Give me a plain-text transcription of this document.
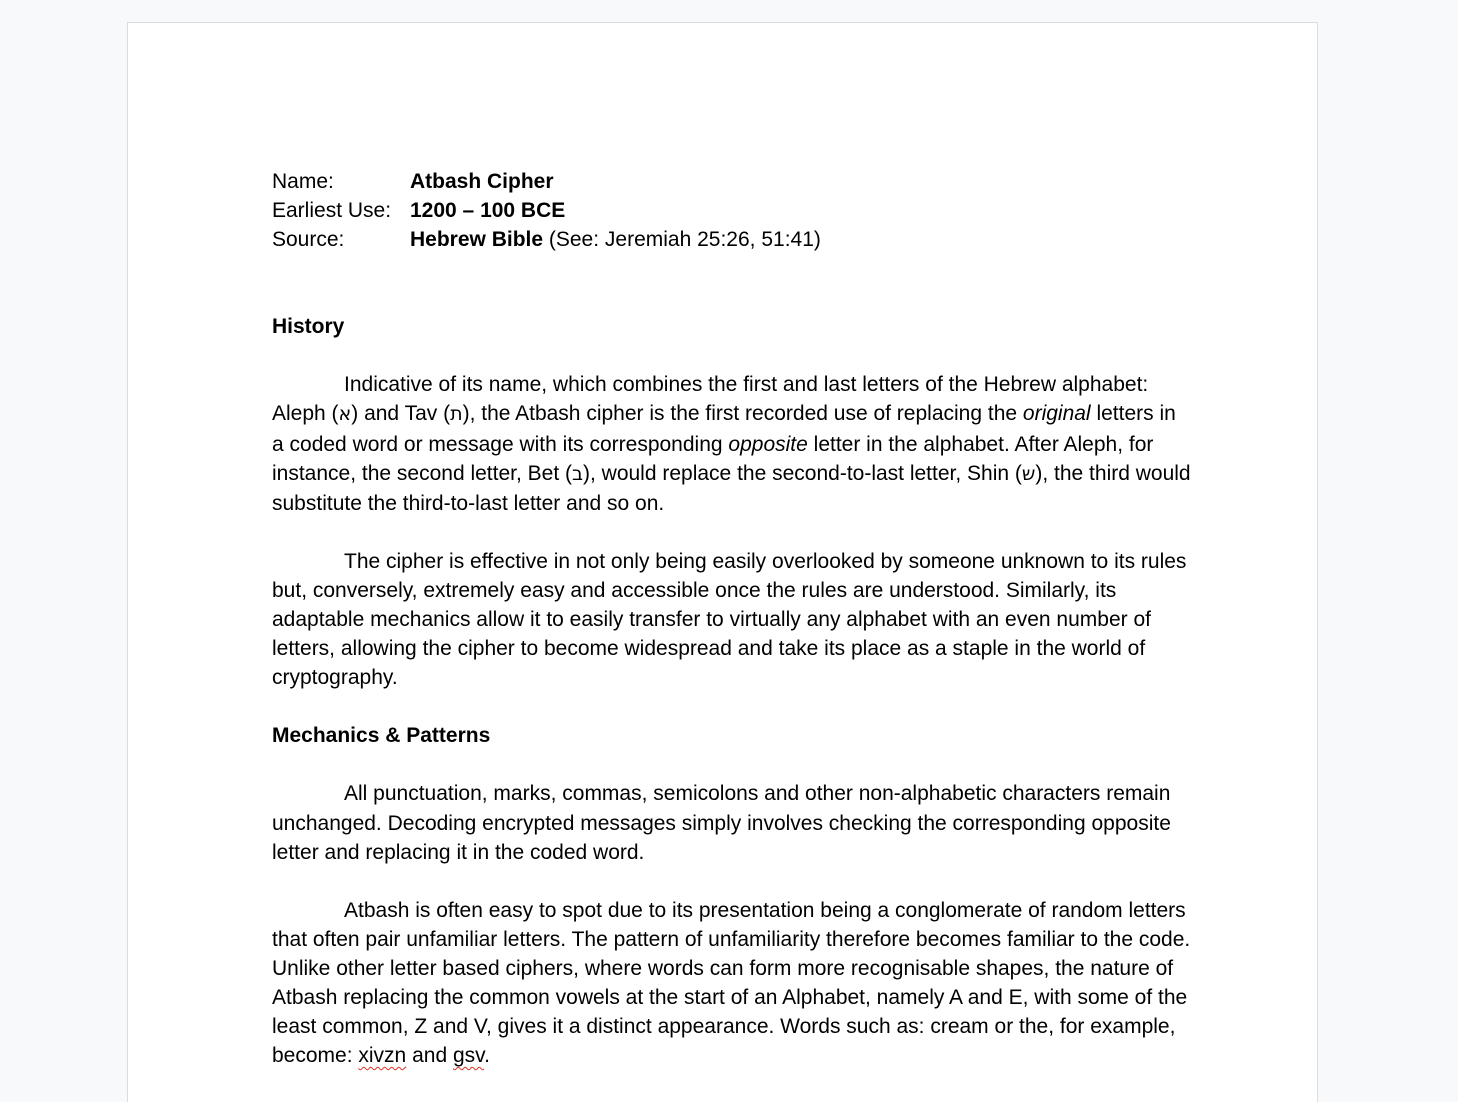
Name:	Atbash Cipher
Earliest Use: 1200 – 100 BCE
Source:	Hebrew Bible (See: Jeremiah 25:26, 51:41)
History

Indicative of its name, which combines the first and last letters of the Hebrew alphabet: Aleph (א) and Tav (ת), the Atbash cipher is the first recorded use of replacing the original letters in a coded word or message with its corresponding opposite letter in the alphabet. After Aleph, for instance, the second letter, Bet (ב), would replace the second-to-last letter, Shin (ש), the third would substitute the third-to-last letter and so on.

The cipher is effective in not only being easily overlooked by someone unknown to its rules but, conversely, extremely easy and accessible once the rules are understood. Similarly, its adaptable mechanics allow it to easily transfer to virtually any alphabet with an even number of letters, allowing the cipher to become widespread and take its place as a staple in the world of cryptography.

Mechanics & Patterns

All punctuation, marks, commas, semicolons and other non-alphabetic characters remain unchanged. Decoding encrypted messages simply involves checking the corresponding opposite letter and replacing it in the coded word.

Atbash is often easy to spot due to its presentation being a conglomerate of random letters that often pair unfamiliar letters. The pattern of unfamiliarity therefore becomes familiar to the code. Unlike other letter based ciphers, where words can form more recognisable shapes, the nature of Atbash replacing the common vowels at the start of an Alphabet, namely A and E, with some of the least common, Z and V, gives it a distinct appearance. Words such as: cream or the, for example, become: xivzn and gsv.
